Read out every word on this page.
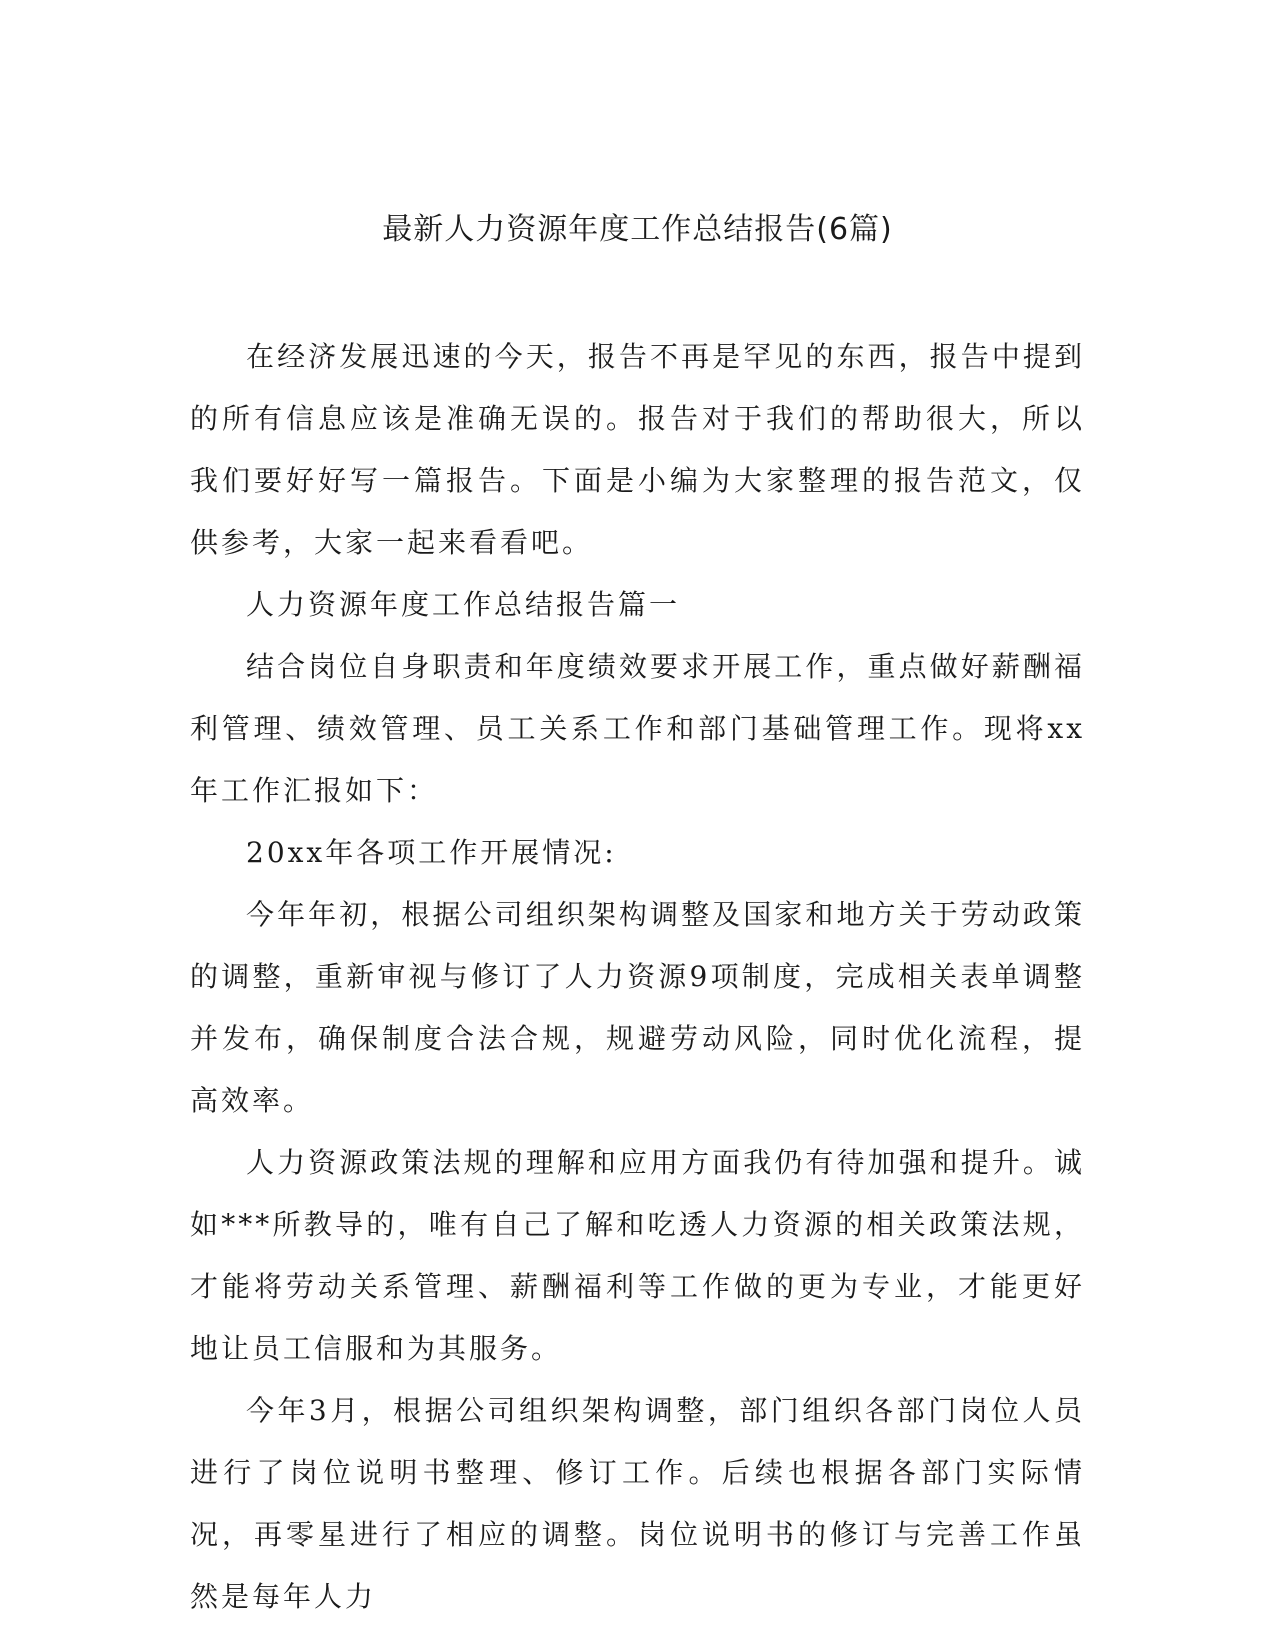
最新人力资源年度工作总结报告(6篇)

在经济发展迅速的今天，报告不再是罕见的东西，报告中提到的所有信息应该是准确无误的。报告对于我们的帮助很大，所以我们要好好写一篇报告。下面是小编为大家整理的报告范文，仅供参考，大家一起来看看吧。

人力资源年度工作总结报告篇一

结合岗位自身职责和年度绩效要求开展工作，重点做好薪酬福利管理、绩效管理、员工关系工作和部门基础管理工作。现将xx年工作汇报如下：

20xx年各项工作开展情况:

今年年初，根据公司组织架构调整及国家和地方关于劳动政策的调整，重新审视与修订了人力资源9项制度，完成相关表单调整并发布，确保制度合法合规，规避劳动风险，同时优化流程，提高效率。

人力资源政策法规的理解和应用方面我仍有待加强和提升。诚如***所教导的，唯有自己了解和吃透人力资源的相关政策法规，才能将劳动关系管理、薪酬福利等工作做的更为专业，才能更好地让员工信服和为其服务。

今年3月，根据公司组织架构调整，部门组织各部门岗位人员进行了岗位说明书整理、修订工作。后续也根据各部门实际情况，再零星进行了相应的调整。岗位说明书的修订与完善工作虽然是每年人力
